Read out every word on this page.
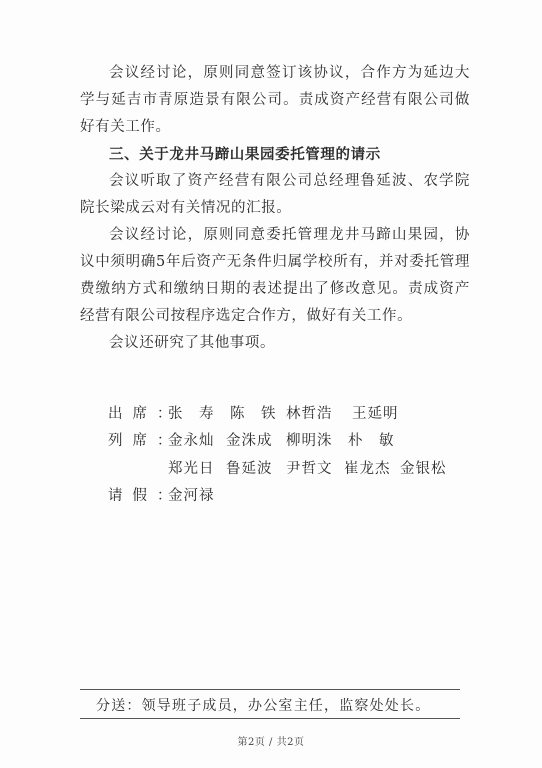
会议经讨论，原则同意签订该协议，合作方为延边大学与延吉市青原造景有限公司。责成资产经营有限公司做好有关工作。

三、关于龙井马蹄山果园委托管理的请示

会议听取了资产经营有限公司总经理鲁延波、农学院院长梁成云对有关情况的汇报。

会议经讨论，原则同意委托管理龙井马蹄山果园，协议中须明确5年后资产无条件归属学校所有，并对委托管理费缴纳方式和缴纳日期的表述提出了修改意见。责成资产经营有限公司按程序选定合作方，做好有关工作。

会议还研究了其他事项。

出席：
张　寿 陈　铁 林哲浩 王延明
列席：
金永灿 金洙成 柳明洙 朴　敏
郑光日 鲁延波 尹哲文 崔龙杰 金银松
请假：
金河禄
分送：领导班子成员，办公室主任，监察处处长。
第2页 / 共2页
